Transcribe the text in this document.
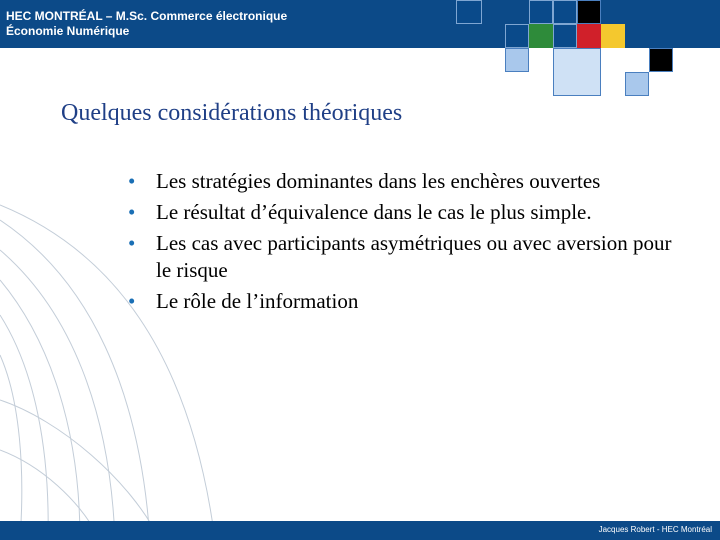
HEC MONTRÉAL – M.Sc. Commerce électronique
Économie Numérique
Quelques considérations théoriques
• Les stratégies dominantes dans les enchères ouvertes
• Le résultat d’équivalence dans le cas le plus simple.
• Les cas avec participants asymétriques ou avec aversion pour le risque
• Le rôle de l’information
Jacques Robert - HEC Montréal
